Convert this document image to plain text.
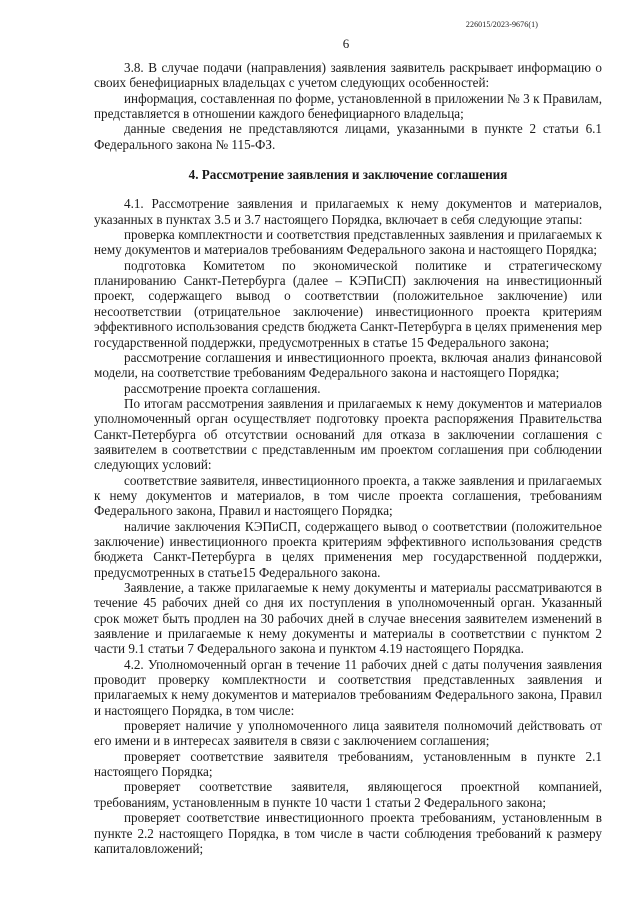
226015/2023-9676(1)
6

3.8. В случае подачи (направления) заявления заявитель раскрывает информацию о своих бенефициарных владельцах с учетом следующих особенностей:

информация, составленная по форме, установленной в приложении № 3 к Правилам, представляется в отношении каждого бенефициарного владельца;

данные сведения не представляются лицами, указанными в пункте 2 статьи 6.1 Федерального закона № 115-ФЗ.

4. Рассмотрение заявления и заключение соглашения

4.1. Рассмотрение заявления и прилагаемых к нему документов и материалов, указанных в пунктах 3.5 и 3.7 настоящего Порядка, включает в себя следующие этапы:

проверка комплектности и соответствия представленных заявления и прилагаемых к нему документов и материалов требованиям Федерального закона и настоящего Порядка;

подготовка Комитетом по экономической политике и стратегическому планированию Санкт-Петербурга (далее – КЭПиСП) заключения на инвестиционный проект, содержащего вывод о соответствии (положительное заключение) или несоответствии (отрицательное заключение) инвестиционного проекта критериям эффективного использования средств бюджета Санкт-Петербурга в целях применения мер государственной поддержки, предусмотренных в статье 15 Федерального закона;

рассмотрение соглашения и инвестиционного проекта, включая анализ финансовой модели, на соответствие требованиям Федерального закона и настоящего Порядка;

рассмотрение проекта соглашения.

По итогам рассмотрения заявления и прилагаемых к нему документов и материалов уполномоченный орган осуществляет подготовку проекта распоряжения Правительства Санкт-Петербурга об отсутствии оснований для отказа в заключении соглашения с заявителем в соответствии с представленным им проектом соглашения при соблюдении следующих условий:

соответствие заявителя, инвестиционного проекта, а также заявления и прилагаемых к нему документов и материалов, в том числе проекта соглашения, требованиям Федерального закона, Правил и настоящего Порядка;

наличие заключения КЭПиСП, содержащего вывод о соответствии (положительное заключение) инвестиционного проекта критериям эффективного использования средств бюджета Санкт-Петербурга в целях применения мер государственной поддержки, предусмотренных в статье15 Федерального закона.

Заявление, а также прилагаемые к нему документы и материалы рассматриваются в течение 45 рабочих дней со дня их поступления в уполномоченный орган. Указанный срок может быть продлен на 30 рабочих дней в случае внесения заявителем изменений в заявление и прилагаемые к нему документы и материалы в соответствии с пунктом 2 части 9.1 статьи 7 Федерального закона и пунктом 4.19 настоящего Порядка.

4.2. Уполномоченный орган в течение 11 рабочих дней с даты получения заявления проводит проверку комплектности и соответствия представленных заявления и прилагаемых к нему документов и материалов требованиям Федерального закона, Правил и настоящего Порядка, в том числе:

проверяет наличие у уполномоченного лица заявителя полномочий действовать от его имени и в интересах заявителя в связи с заключением соглашения;

проверяет соответствие заявителя требованиям, установленным в пункте 2.1 настоящего Порядка;

проверяет соответствие заявителя, являющегося проектной компанией, требованиям, установленным в пункте 10 части 1 статьи 2 Федерального закона;

проверяет соответствие инвестиционного проекта требованиям, установленным в пункте 2.2 настоящего Порядка, в том числе в части соблюдения требований к размеру капиталовложений;
